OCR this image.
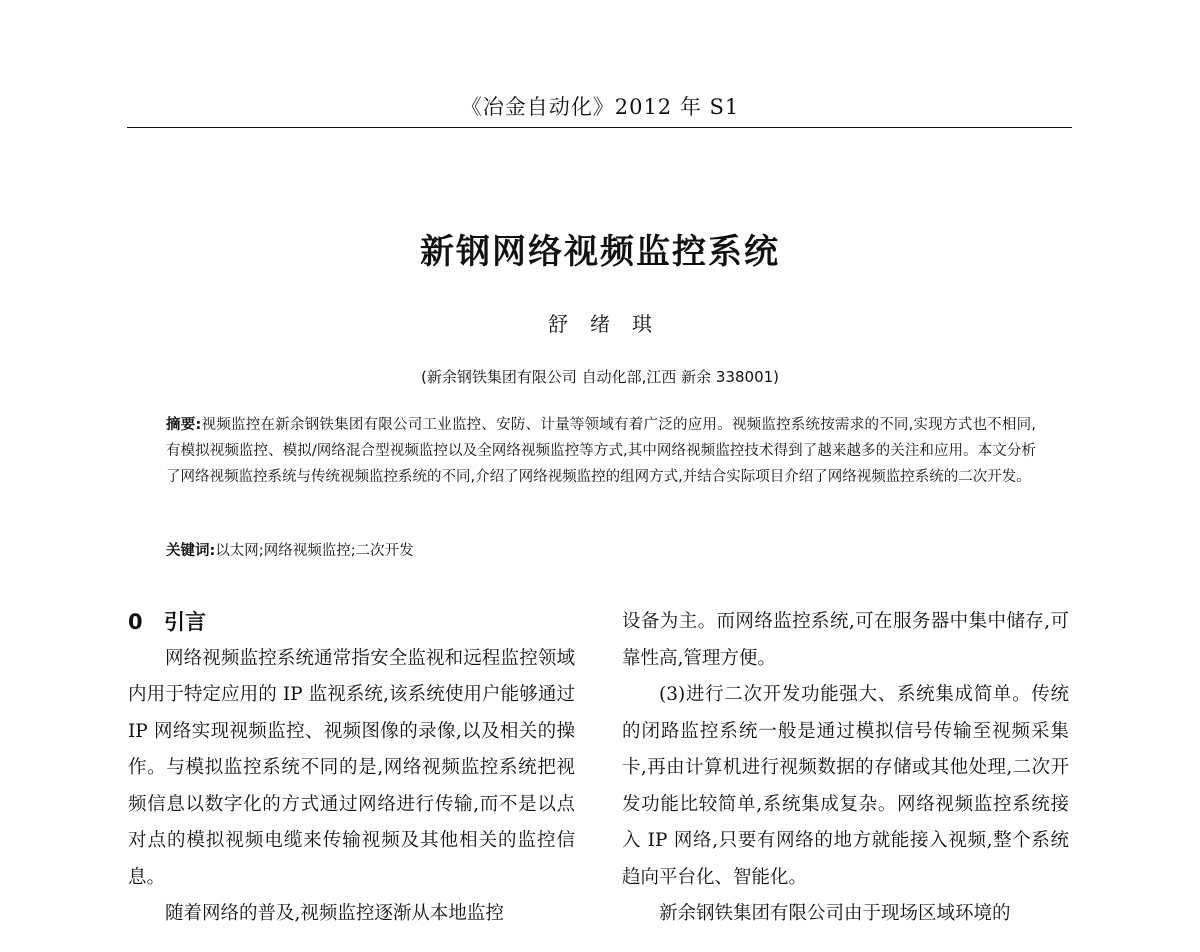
《冶金自动化》2012 年 S1
新钢网络视频监控系统
舒绪琪
(新余钢铁集团有限公司 自动化部,江西 新余 338001)
摘要:视频监控在新余钢铁集团有限公司工业监控、安防、计量等领域有着广泛的应用。视频监控系统按需求的不同,实现方式也不相同,有模拟视频监控、模拟/网络混合型视频监控以及全网络视频监控等方式,其中网络视频监控技术得到了越来越多的关注和应用。本文分析了网络视频监控系统与传统视频监控系统的不同,介绍了网络视频监控的组网方式,并结合实际项目介绍了网络视频监控系统的二次开发。
关键词:以太网;网络视频监控;二次开发
0 引言

网络视频监控系统通常指安全监视和远程监控领域内用于特定应用的 IP 监视系统,该系统使用户能够通过 IP 网络实现视频监控、视频图像的录像,以及相关的操作。与模拟监控系统不同的是,网络视频监控系统把视频信息以数字化的方式通过网络进行传输,而不是以点对点的模拟视频电缆来传输视频及其他相关的监控信息。

随着网络的普及,视频监控逐渐从本地监控

设备为主。而网络监控系统,可在服务器中集中储存,可靠性高,管理方便。

(3)进行二次开发功能强大、系统集成简单。传统的闭路监控系统一般是通过模拟信号传输至视频采集卡,再由计算机进行视频数据的存储或其他处理,二次开发功能比较简单,系统集成复杂。网络视频监控系统接入 IP 网络,只要有网络的地方就能接入视频,整个系统趋向平台化、智能化。

新余钢铁集团有限公司由于现场区域环境的
